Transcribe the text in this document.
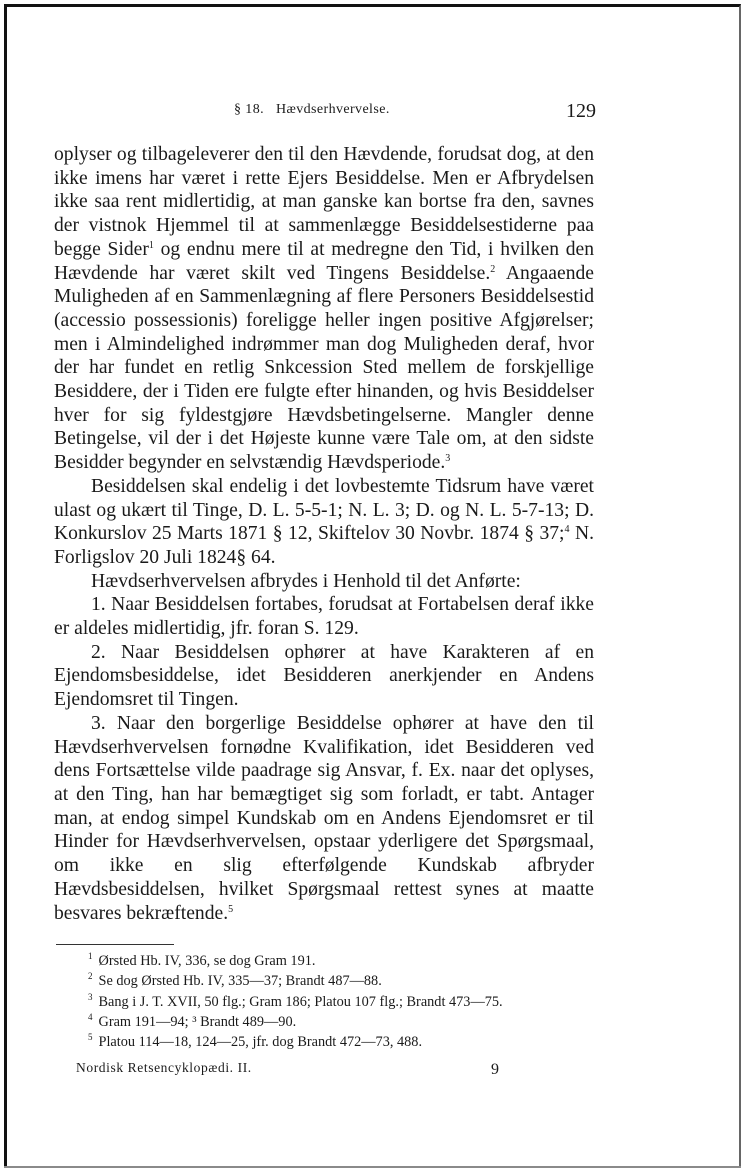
§ 18. Hævdserhvervelse.	129

oplyser og tilbageleverer den til den Hævdende, forudsat dog, at den ikke imens har været i rette Ejers Besiddelse. Men er Afbrydelsen ikke saa rent midlertidig, at man ganske kan bortse fra den, savnes der vistnok Hjemmel til at sammenlægge Besiddelsestiderne paa begge Sider$^1$ og endnu mere til at medregne den Tid, i hvilken den Hævdende har været skilt ved Tingens Besiddelse.$^2$ Angaaende Muligheden af en Sammenlægning af flere Personers Besiddelsestid (accessio possessionis) foreligge heller ingen positive Afgjørelser; men i Almindelighed indrømmer man dog Muligheden deraf, hvor der har fundet en retlig Snkcession Sted mellem de forskjellige Besiddere, der i Tiden ere fulgte efter hinanden, og hvis Besiddelser hver for sig fyldestgjøre Hævdsbetingelserne. Mangler denne Betingelse, vil der i det Højeste kunne være Tale om, at den sidste Besidder begynder en selvstændig Hævdsperiode.$^3$

Besiddelsen skal endelig i det lovbestemte Tidsrum have været ulast og ukært til Tinge, D. L. 5-5-1; N. L. 3; D. og N. L. 5-7-13; D. Konkurslov 25 Marts 1871 § 12, Skiftelov 30 Novbr. 1874 § 37;$^4$ N. Forligslov 20 Juli 1824§ 64.

Hævdserhvervelsen afbrydes i Henhold til det Anførte:

1. Naar Besiddelsen fortabes, forudsat at Fortabelsen deraf ikke er aldeles midlertidig, jfr. foran S. 129.

2. Naar Besiddelsen ophører at have Karakteren af en Ejendomsbesiddelse, idet Besidderen anerkjender en Andens Ejendomsret til Tingen.

3. Naar den borgerlige Besiddelse ophører at have den til Hævdserhvervelsen fornødne Kvalifikation, idet Besidderen ved dens Fortsættelse vilde paadrage sig Ansvar, f. Ex. naar det oplyses, at den Ting, han har bemægtiget sig som forladt, er tabt. Antager man, at endog simpel Kundskab om en Andens Ejendomsret er til Hinder for Hævdserhvervelsen, opstaar yderligere det Spørgsmaal, om ikke en slig efterfølgende Kundskab afbryder Hævdsbesiddelsen, hvilket Spørgsmaal rettest synes at maatte besvares bekræftende.$^5$

$^1$ Ørsted Hb. IV, 336, se dog Gram 191.
$^2$ Se dog Ørsted Hb. IV, 335—37; Brandt 487—88.
$^3$ Bang i J. T. XVII, 50 flg.; Gram 186; Platou 107 flg.; Brandt 473—75.
$^4$ Gram 191—94; ³ Brandt 489—90.
$^5$ Platou 114—18, 124—25, jfr. dog Brandt 472—73, 488.
Nordisk Retsencyklopædi. II.	9
